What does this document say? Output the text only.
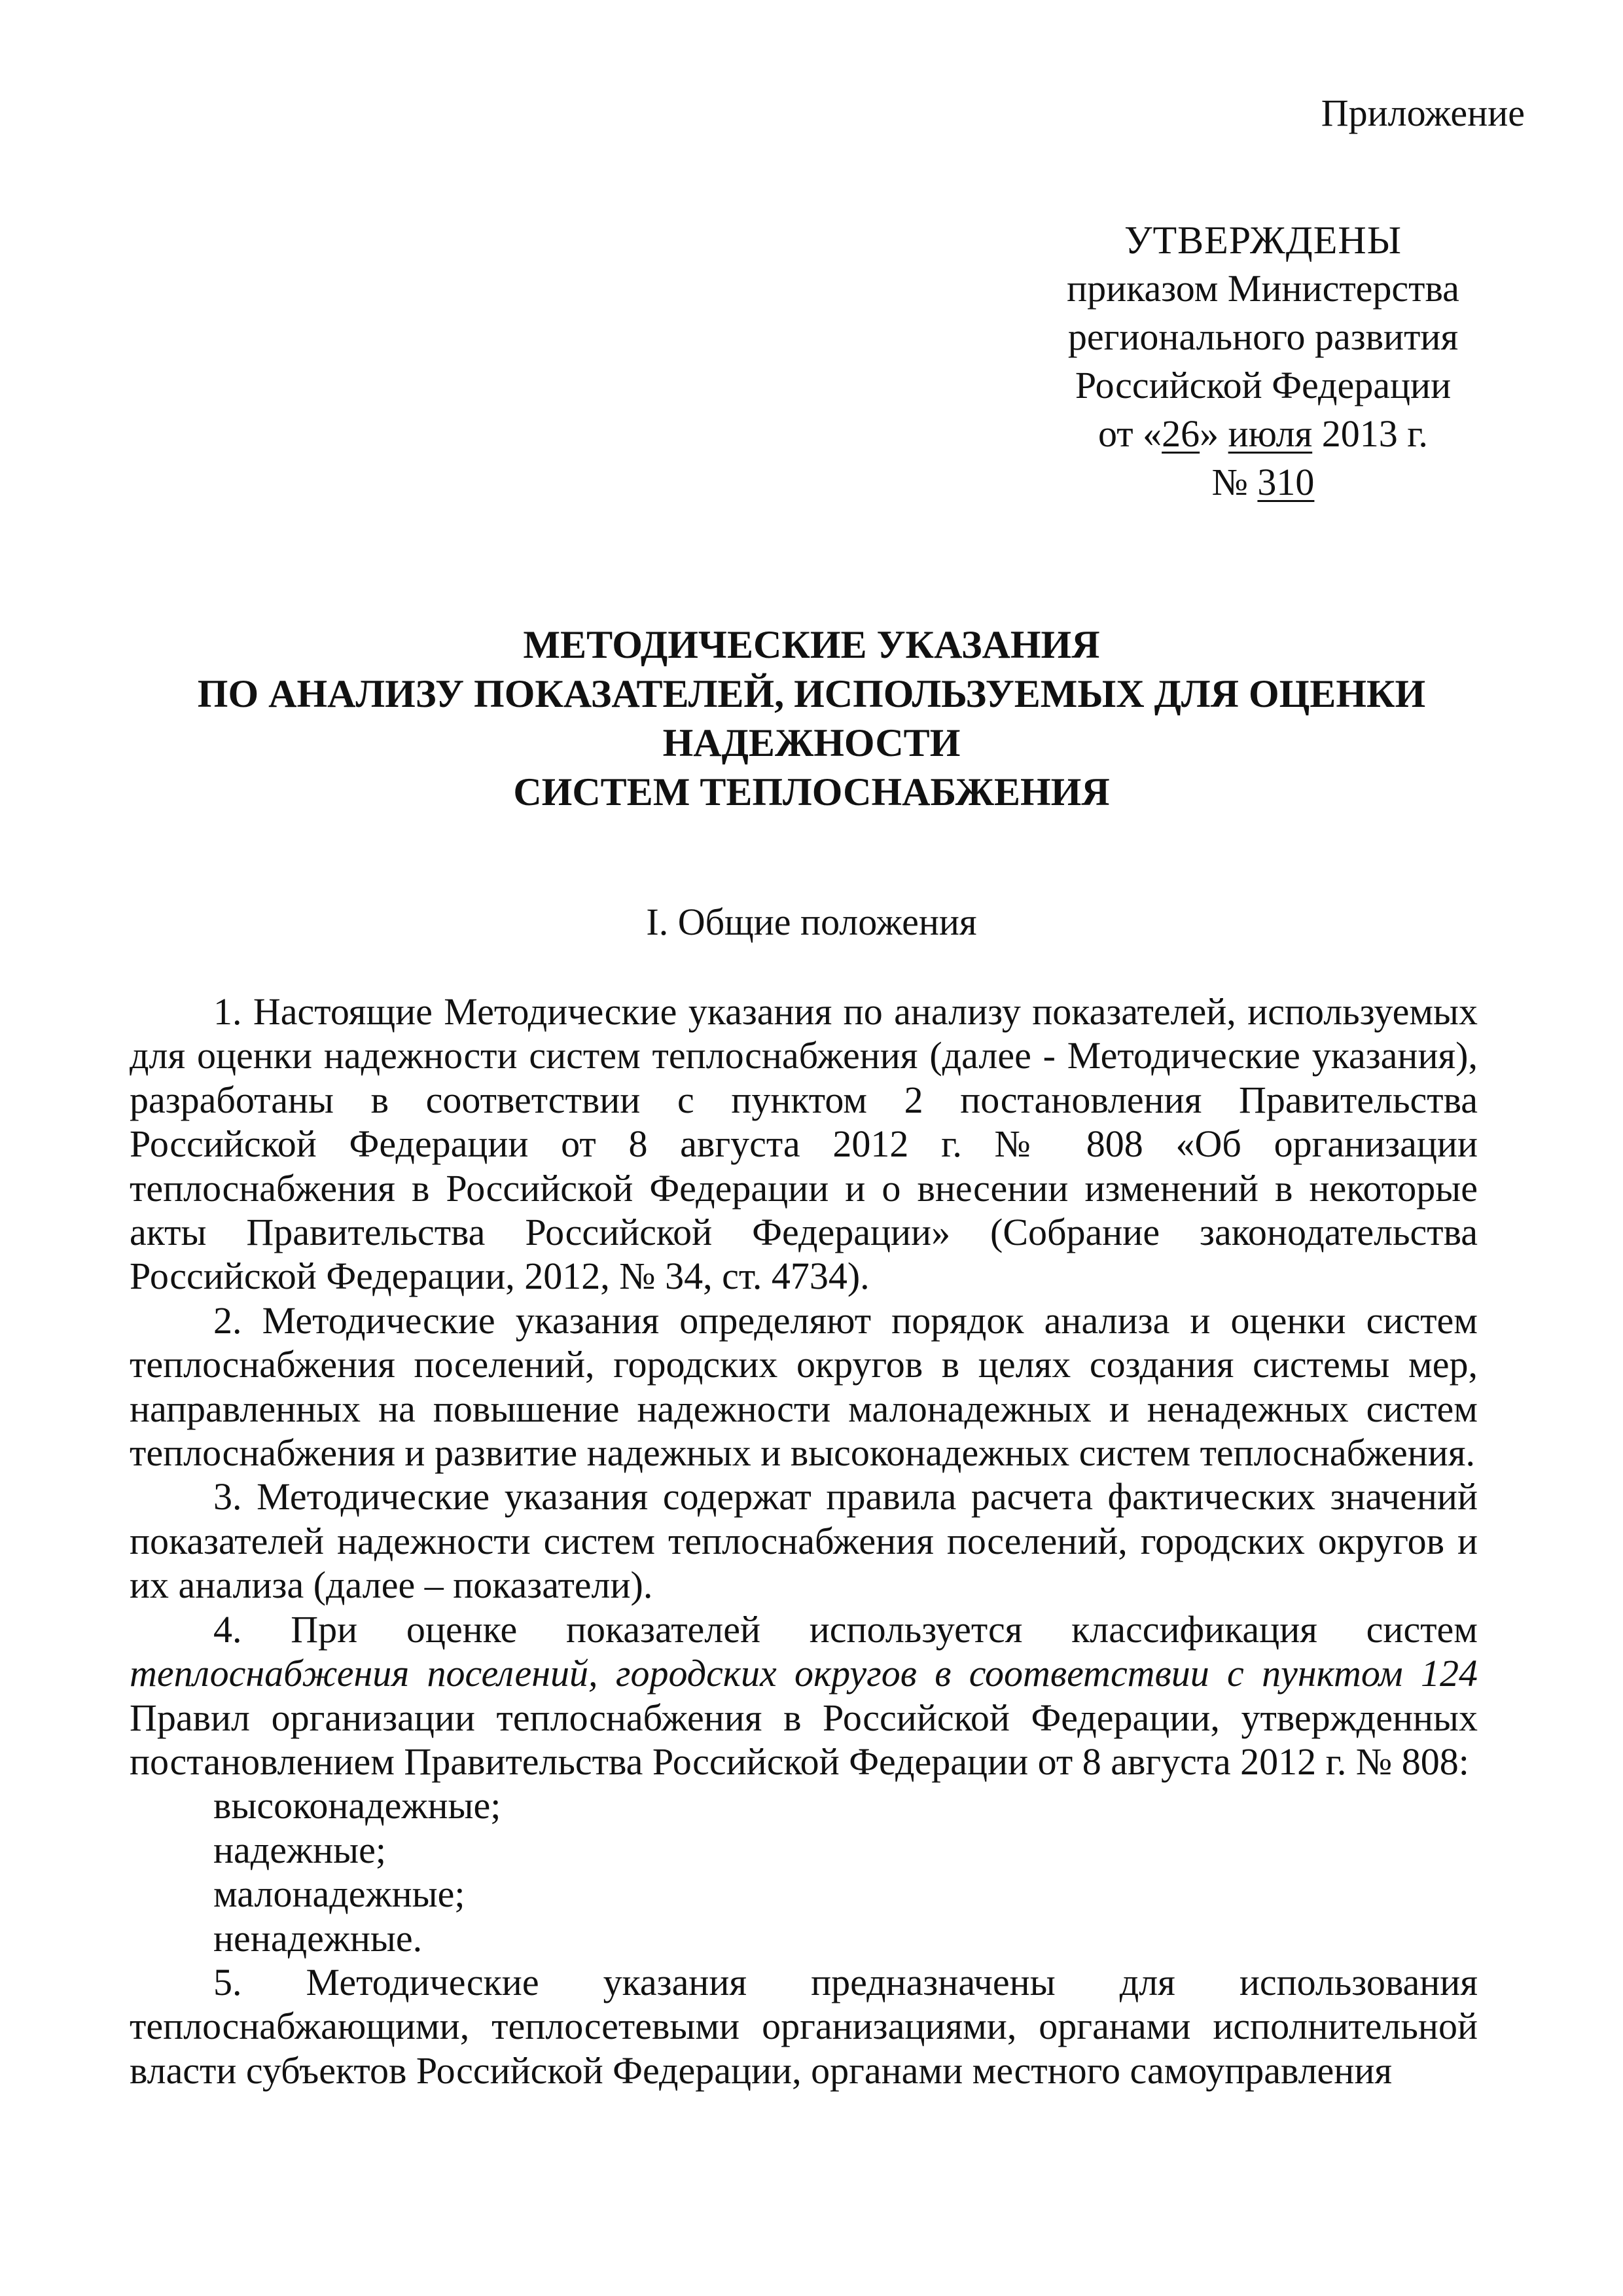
Приложение
УТВЕРЖДЕНЫ
приказом Министерства
регионального развития
Российской Федерации
от «26» июля 2013 г.
№ 310
МЕТОДИЧЕСКИЕ УКАЗАНИЯ
ПО АНАЛИЗУ ПОКАЗАТЕЛЕЙ, ИСПОЛЬЗУЕМЫХ ДЛЯ ОЦЕНКИ
НАДЕЖНОСТИ
СИСТЕМ ТЕПЛОСНАБЖЕНИЯ
I. Общие положения

1. Настоящие Методические указания по анализу показателей, используемых для оценки надежности систем теплоснабжения (далее - Методические указания), разработаны в соответствии с пунктом 2 постановления Правительства Российской Федерации от 8 августа 2012 г. № 808 «Об организации теплоснабжения в Российской Федерации и о внесении изменений в некоторые акты Правительства Российской Федерации» (Собрание законодательства Российской Федерации, 2012, № 34, ст. 4734).

2. Методические указания определяют порядок анализа и оценки систем теплоснабжения поселений, городских округов в целях создания системы мер, направленных на повышение надежности малонадежных и ненадежных систем теплоснабжения и развитие надежных и высоконадежных систем теплоснабжения.

3. Методические указания содержат правила расчета фактических значений показателей надежности систем теплоснабжения поселений, городских округов и их анализа (далее – показатели).

4. При оценке показателей используется классификация систем теплоснабжения поселений, городских округов в соответствии с пунктом 124 Правил организации теплоснабжения в Российской Федерации, утвержденных постановлением Правительства Российской Федерации от 8 августа 2012 г. № 808:

высоконадежные;

надежные;

малонадежные;

ненадежные.

5. Методические указания предназначены для использования теплоснабжающими, теплосетевыми организациями, органами исполнительной власти субъектов Российской Федерации, органами местного самоуправления
